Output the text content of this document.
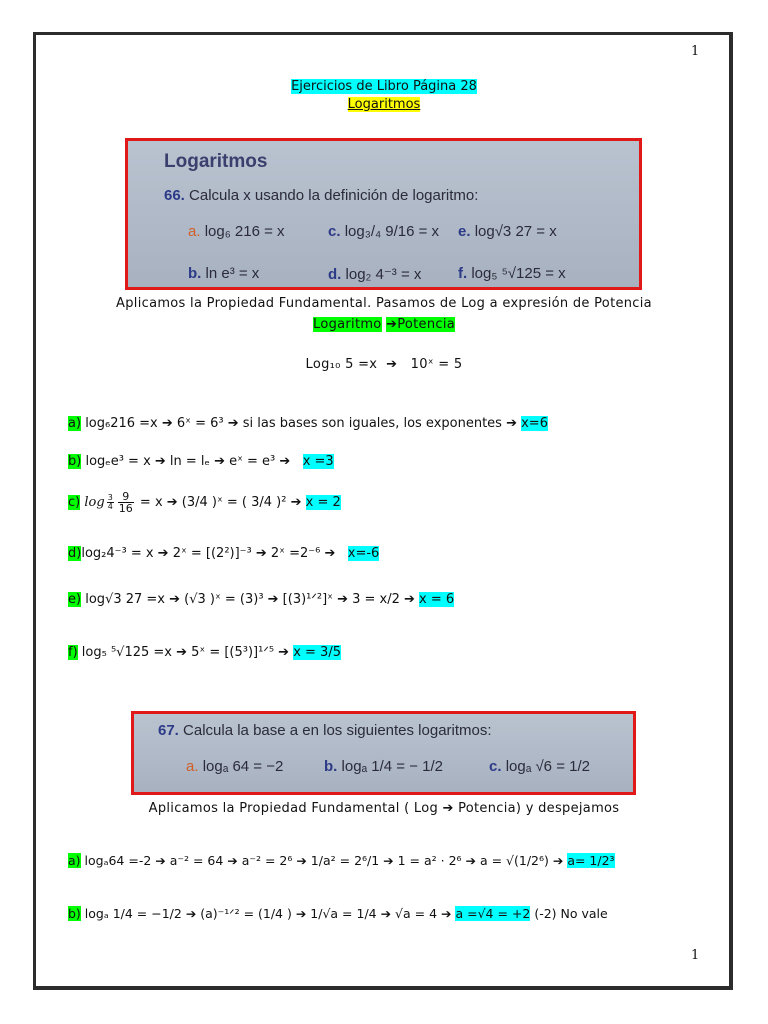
1
Ejercicios de Libro Página 28
Logaritmos
Logaritmos
66. Calcula x usando la definición de logaritmo:
a. log₆ 216 = x	c. log₃/₄ 9/16 = x e. log√3 27 = x
b. ln e³ = x	d. log₂ 4⁻³ = x f. log₅ ⁵√125 = x
Aplicamos la Propiedad Fundamental. Pasamos de Log a expresión de Potencia
Logaritmo ➔Potencia
Log₁₀ 5 =x  ➔   10ˣ = 5
a) log₆216 =x ➔ 6ˣ = 6³ ➔ si las bases son iguales, los exponentes ➔ x=6
b) logₑe³ = x ➔ ln = lₑ ➔ eˣ = e³ ➔ x =3
c) $\log \frac{3}{4} \frac{9}{16} = x$ ➔ (3/4 )ˣ = ( 3/4 )² ➔ x = 2
d)log₂4⁻³ = x ➔ 2ˣ = [(2²)]⁻³ ➔ 2ˣ =2⁻⁶ ➔ x=-6
e) log√3 27 =x ➔ (√3 )ˣ = (3)³ ➔ [(3)¹ᐟ²]ˣ ➔ 3 = x/2 ➔ x = 6
f) log₅ ⁵√125 =x ➔ 5ˣ = [(5³)]¹ᐟ⁵ ➔ x = 3/5
67. Calcula la base a en los siguientes logaritmos:
a. logₐ 64 = −2	b. logₐ 1/4 = − 1/2	c. logₐ √6 = 1/2
Aplicamos la Propiedad Fundamental ( Log ➔ Potencia) y despejamos
a) logₐ64 =-2 ➔ a⁻² = 64 ➔ a⁻² = 2⁶ ➔ 1/a² = 2⁶/1 ➔ 1 = a² · 2⁶ ➔ a = √(1/2⁶) ➔ a= 1/2³
b) logₐ 1/4 = −1/2 ➔ (a)⁻¹ᐟ² = (1/4 ) ➔ 1/√a = 1/4 ➔ √a = 4 ➔ a =√4 = +2 (-2) No vale
1
